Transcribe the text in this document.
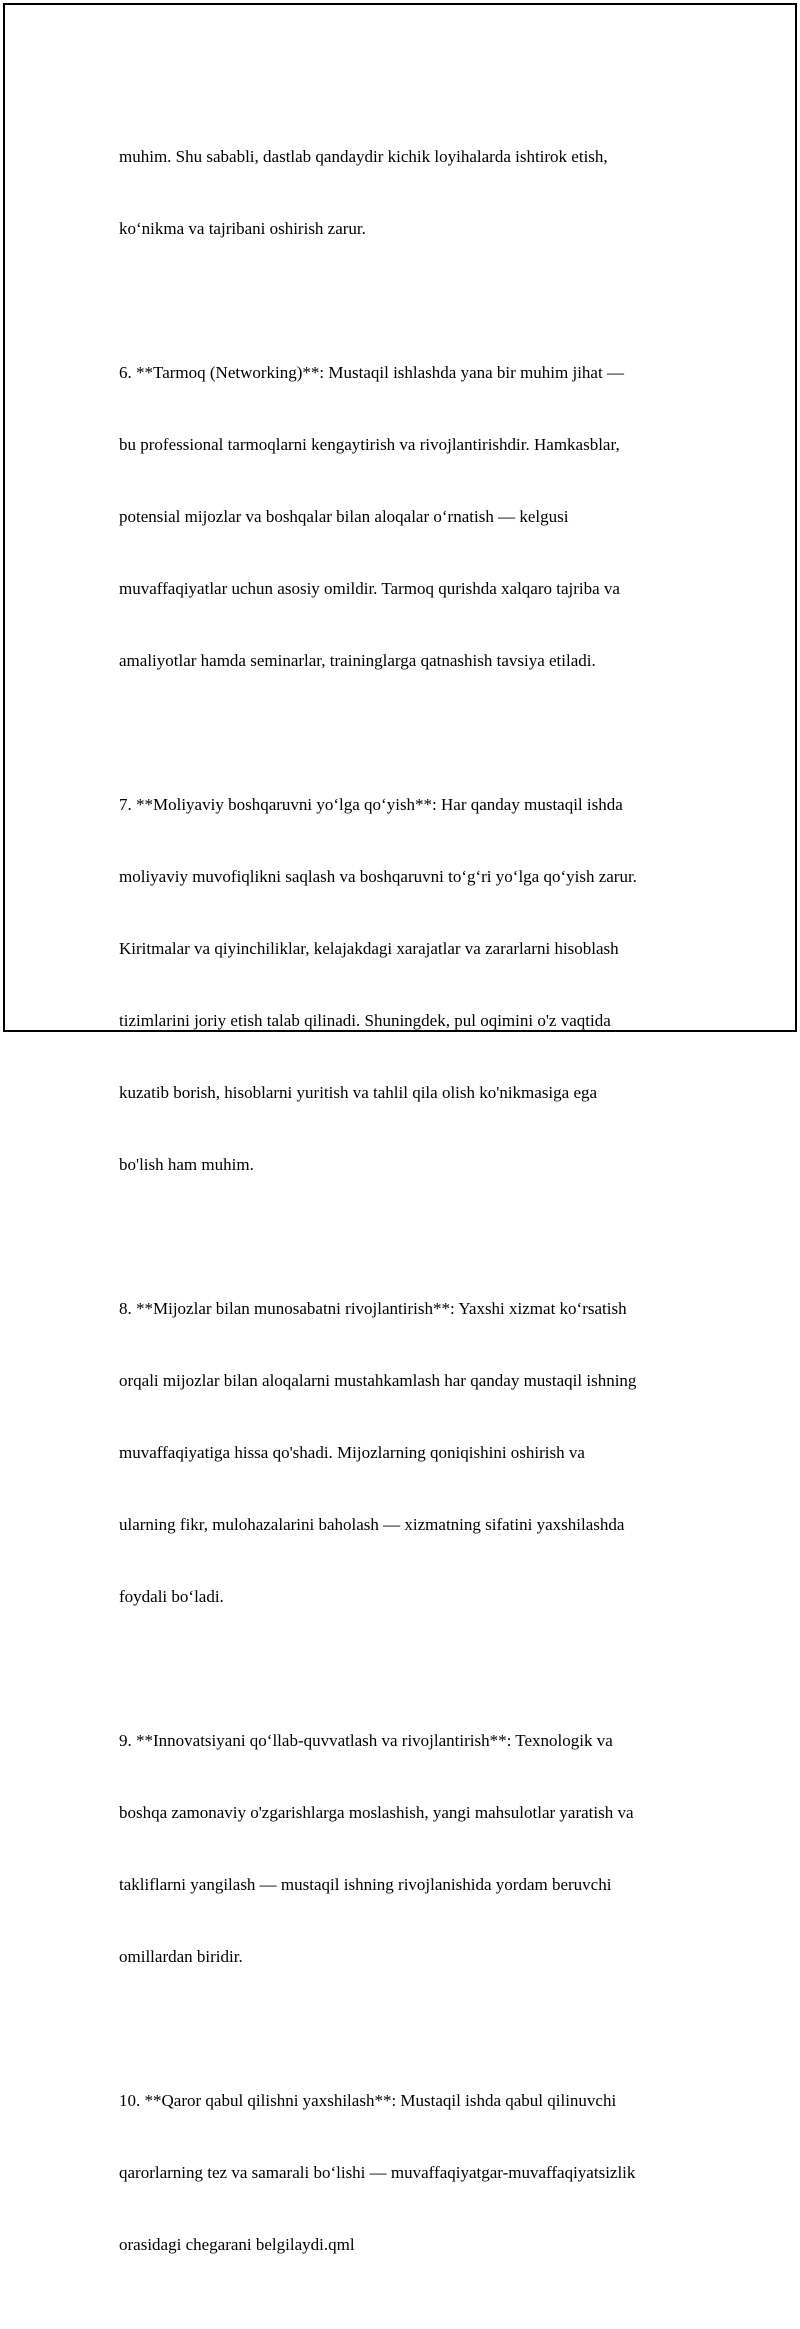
muhim. Shu sababli, dastlab qandaydir kichik loyihalarda ishtirok etish,

ko‘nikma va tajribani oshirish zarur.

6. **Tarmoq (Networking)**: Mustaqil ishlashda yana bir muhim jihat —

bu professional tarmoqlarni kengaytirish va rivojlantirishdir. Hamkasblar,

potensial mijozlar va boshqalar bilan aloqalar o‘rnatish — kelgusi

muvaffaqiyatlar uchun asosiy omildir. Tarmoq qurishda xalqaro tajriba va

amaliyotlar hamda seminarlar, traininglarga qatnashish tavsiya etiladi.

7. **Moliyaviy boshqaruvni yo‘lga qo‘yish**: Har qanday mustaqil ishda

moliyaviy muvofiqlikni saqlash va boshqaruvni to‘g‘ri yo‘lga qo‘yish zarur.

Kiritmalar va qiyinchiliklar, kelajakdagi xarajatlar va zararlarni hisoblash

tizimlarini joriy etish talab qilinadi. Shuningdek, pul oqimini o'z vaqtida

kuzatib borish, hisoblarni yuritish va tahlil qila olish ko'nikmasiga ega

bo'lish ham muhim.

8. **Mijozlar bilan munosabatni rivojlantirish**: Yaxshi xizmat ko‘rsatish

orqali mijozlar bilan aloqalarni mustahkamlash har qanday mustaqil ishning

muvaffaqiyatiga hissa qo'shadi. Mijozlarning qoniqishini oshirish va

ularning fikr, mulohazalarini baholash — xizmatning sifatini yaxshilashda

foydali bo‘ladi.

9. **Innovatsiyani qo‘llab-quvvatlash va rivojlantirish**: Texnologik va

boshqa zamonaviy o'zgarishlarga moslashish, yangi mahsulotlar yaratish va

takliflarni yangilash — mustaqil ishning rivojlanishida yordam beruvchi

omillardan biridir.

10. **Qaror qabul qilishni yaxshilash**: Mustaqil ishda qabul qilinuvchi

qarorlarning tez va samarali bo‘lishi — muvaffaqiyatgar-muvaffaqiyatsizlik

orasidagi chegarani belgilaydi.qml
